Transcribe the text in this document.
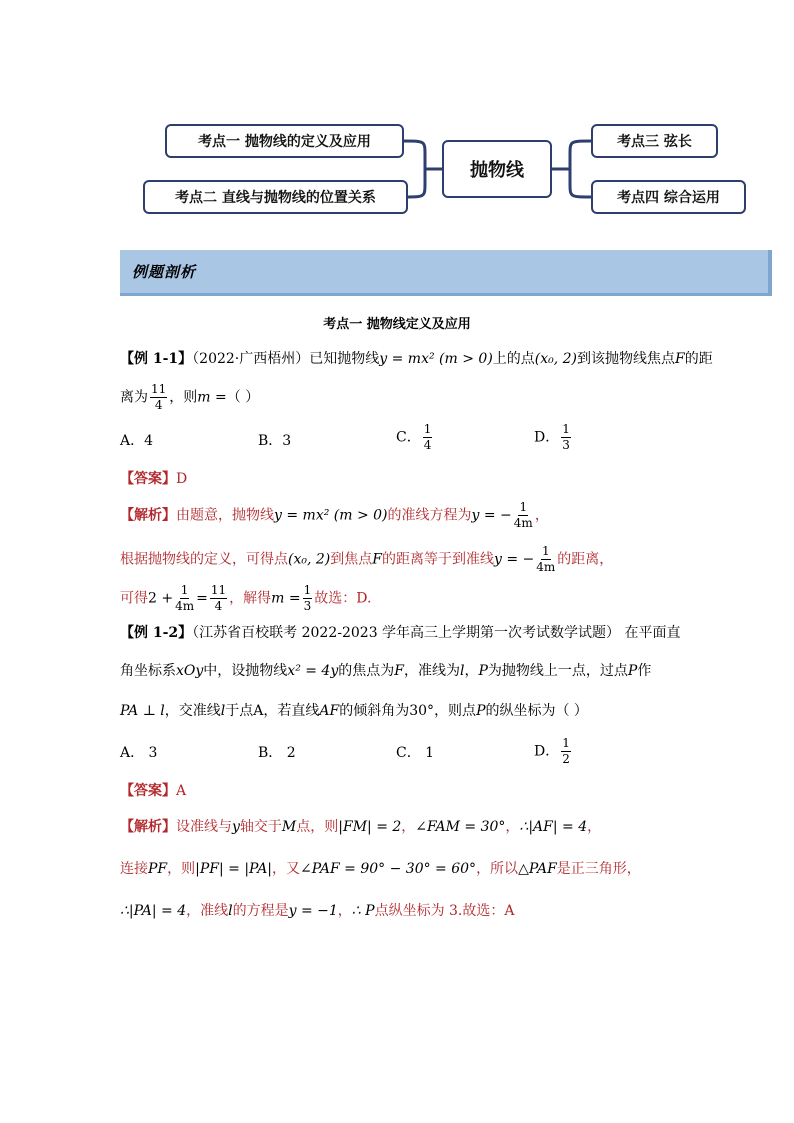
考点一 抛物线的定义及应用
考点二 直线与抛物线的位置关系
抛物线
考点三 弦长
考点四 综合运用
例题剖析
考点一 抛物线定义及应用
【例 1-1】（2022·广西梧州）已知抛物线y = mx² (m > 0)上的点(x₀, 2)到该抛物线焦点F的距
离为 $\frac{11}{4}$ ，则m =（ ）
A．4	B．3	C． $\frac{1}{4}$	D． $\frac{1}{3}$
【答案】D
【解析】由题意，抛物线y = mx² (m > 0)的准线方程为y = − $\frac{1}{4m}$ ，
根据抛物线的定义，可得点(x₀, 2)到焦点F的距离等于到准线y = − $\frac{1}{4m}$ 的距离，
可得$2 + \frac{1}{4m} = \frac{11}{4}$ ，解得$m = \frac{1}{3}$ 故选：D.
【例 1-2】（江苏省百校联考 2022-2023 学年高三上学期第一次考试数学试题） 在平面直
角坐标系xOy中，设抛物线x² = 4y的焦点为F，准线为l，P为抛物线上一点，过点P作
PA ⊥ l，交准线l于点A，若直线AF的倾斜角为30°，则点P的纵坐标为（ ）
A． 3	B． 2	C． 1	D． $\frac{1}{2}$
【答案】A
【解析】设准线与y轴交于M点，则|FM| = 2，∠FAM = 30°，∴|AF| = 4，
连接PF，则|PF| = |PA|，又∠PAF = 90° − 30° = 60°，所以△PAF是正三角形，
∴|PA| = 4，准线l的方程是y = −1，∴ P点纵坐标为 3.故选：A
